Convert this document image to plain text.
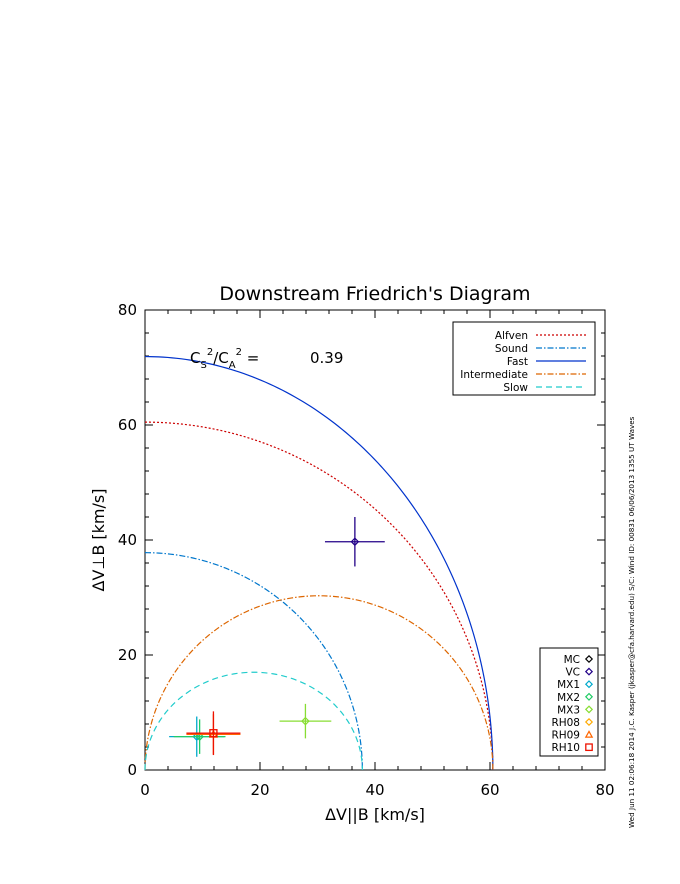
Downstream Friedrich's Diagram
0	20	40	60	80
0
20
40
60
80
ΔV||B [km/s]
ΔV⊥B [km/s]
$C_S^2/C_A^2$ =	0.39
Alfven
Sound
Fast
Intermediate
Slow
MC
VC
MX1
MX2
MX3
RH08
RH09
RH10	Wed Jun 11 02:06:18 2014 J.C. Kasper (jkasper@cfa.harvard.edu) S/C: Wind ID: 00831 06/06/2013 1355 UT Waves
